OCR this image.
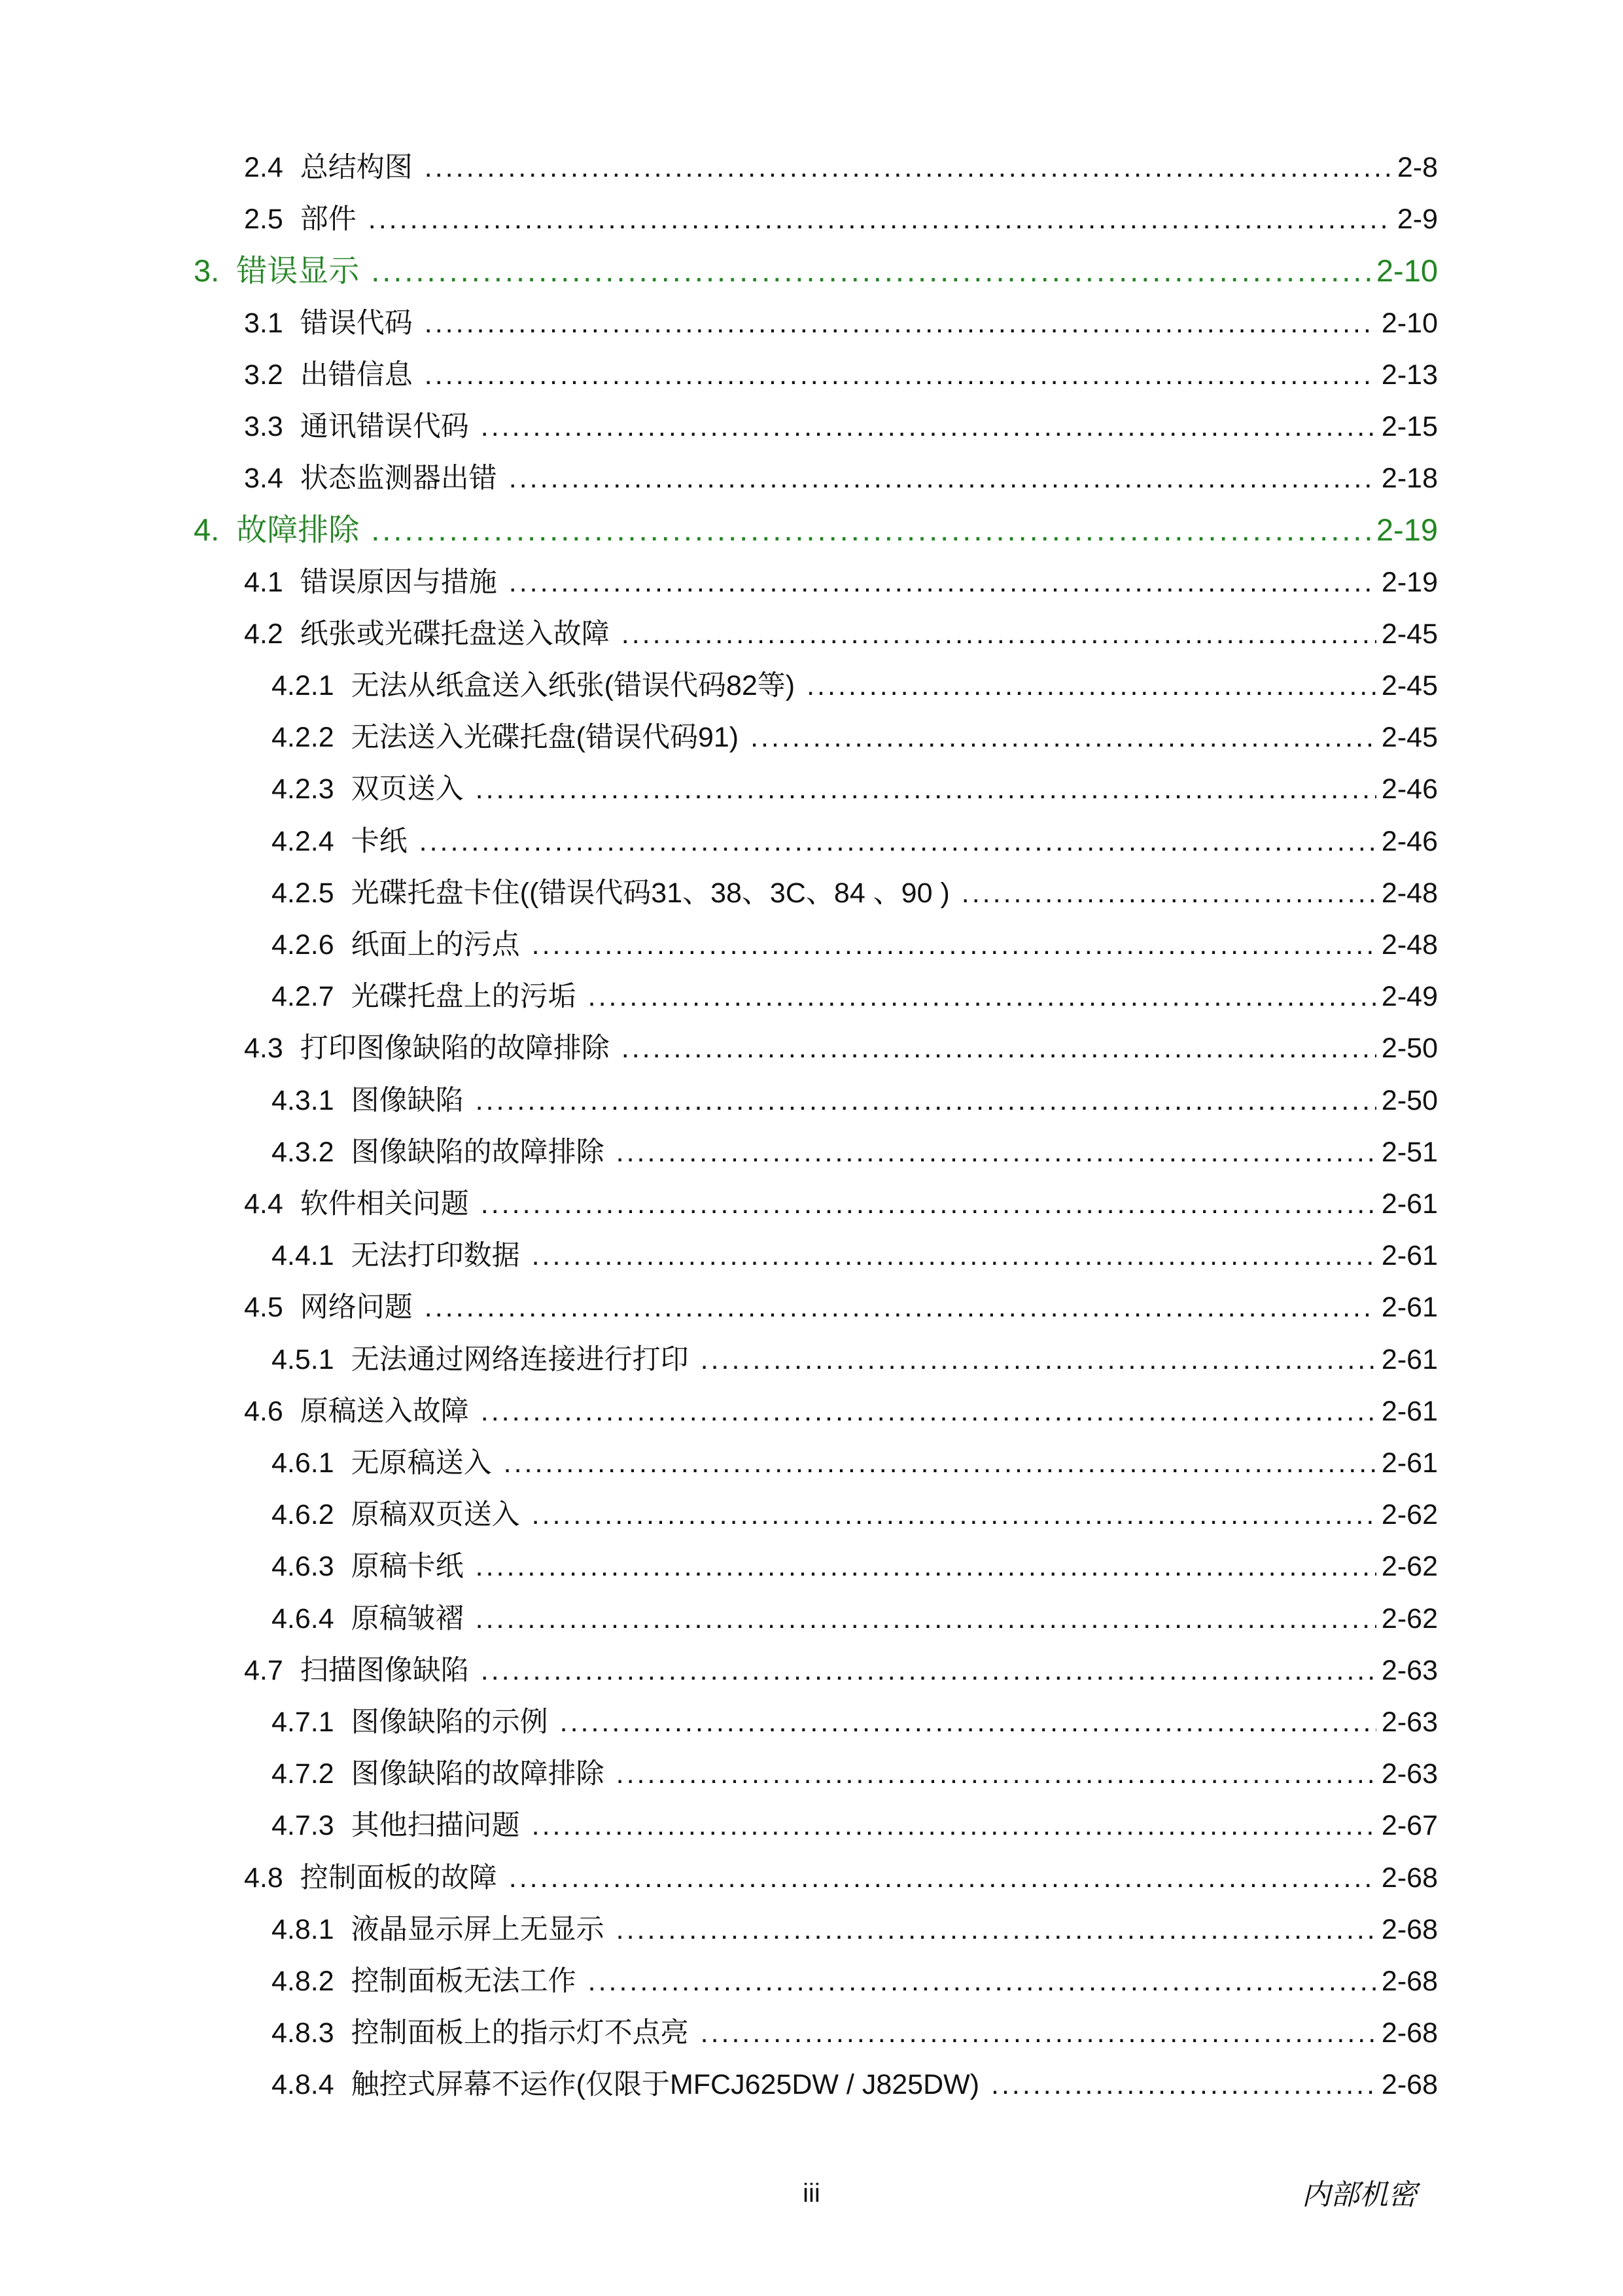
2.4 总结构图 .....	2-8
2.5 部件 .....	2-9
3. 错误显示 .....	2-10
3.1 错误代码 .....	2-10
3.2 出错信息 .....	2-13
3.3 通讯错误代码 .....	2-15
3.4 状态监测器出错 .....	2-18
4. 故障排除 .....	2-19
4.1 错误原因与措施 .....	2-19
4.2 纸张或光碟托盘送入故障 .....	2-45
4.2.1 无法从纸盒送入纸张(错误代码82等) .....	2-45
4.2.2 无法送入光碟托盘(错误代码91) .....	2-45
4.2.3 双页送入 .....	2-46
4.2.4 卡纸 .....	2-46
4.2.5 光碟托盘卡住((错误代码31、38、3C、84 、90 ) .....	2-48
4.2.6 纸面上的污点 .....	2-48
4.2.7 光碟托盘上的污垢 .....	2-49
4.3 打印图像缺陷的故障排除 .....	2-50
4.3.1 图像缺陷 .....	2-50
4.3.2 图像缺陷的故障排除 .....	2-51
4.4 软件相关问题 .....	2-61
4.4.1 无法打印数据 .....	2-61
4.5 网络问题 .....	2-61
4.5.1 无法通过网络连接进行打印 .....	2-61
4.6 原稿送入故障 .....	2-61
4.6.1 无原稿送入 .....	2-61
4.6.2 原稿双页送入 .....	2-62
4.6.3 原稿卡纸 .....	2-62
4.6.4 原稿皱褶 .....	2-62
4.7 扫描图像缺陷 .....	2-63
4.7.1 图像缺陷的示例 .....	2-63
4.7.2 图像缺陷的故障排除 .....	2-63
4.7.3 其他扫描问题 .....	2-67
4.8 控制面板的故障 .....	2-68
4.8.1 液晶显示屏上无显示 .....	2-68
4.8.2 控制面板无法工作 .....	2-68
4.8.3 控制面板上的指示灯不点亮 .....	2-68
4.8.4 触控式屏幕不运作(仅限于MFCJ625DW / J825DW) .....	2-68
iii	内部机密
